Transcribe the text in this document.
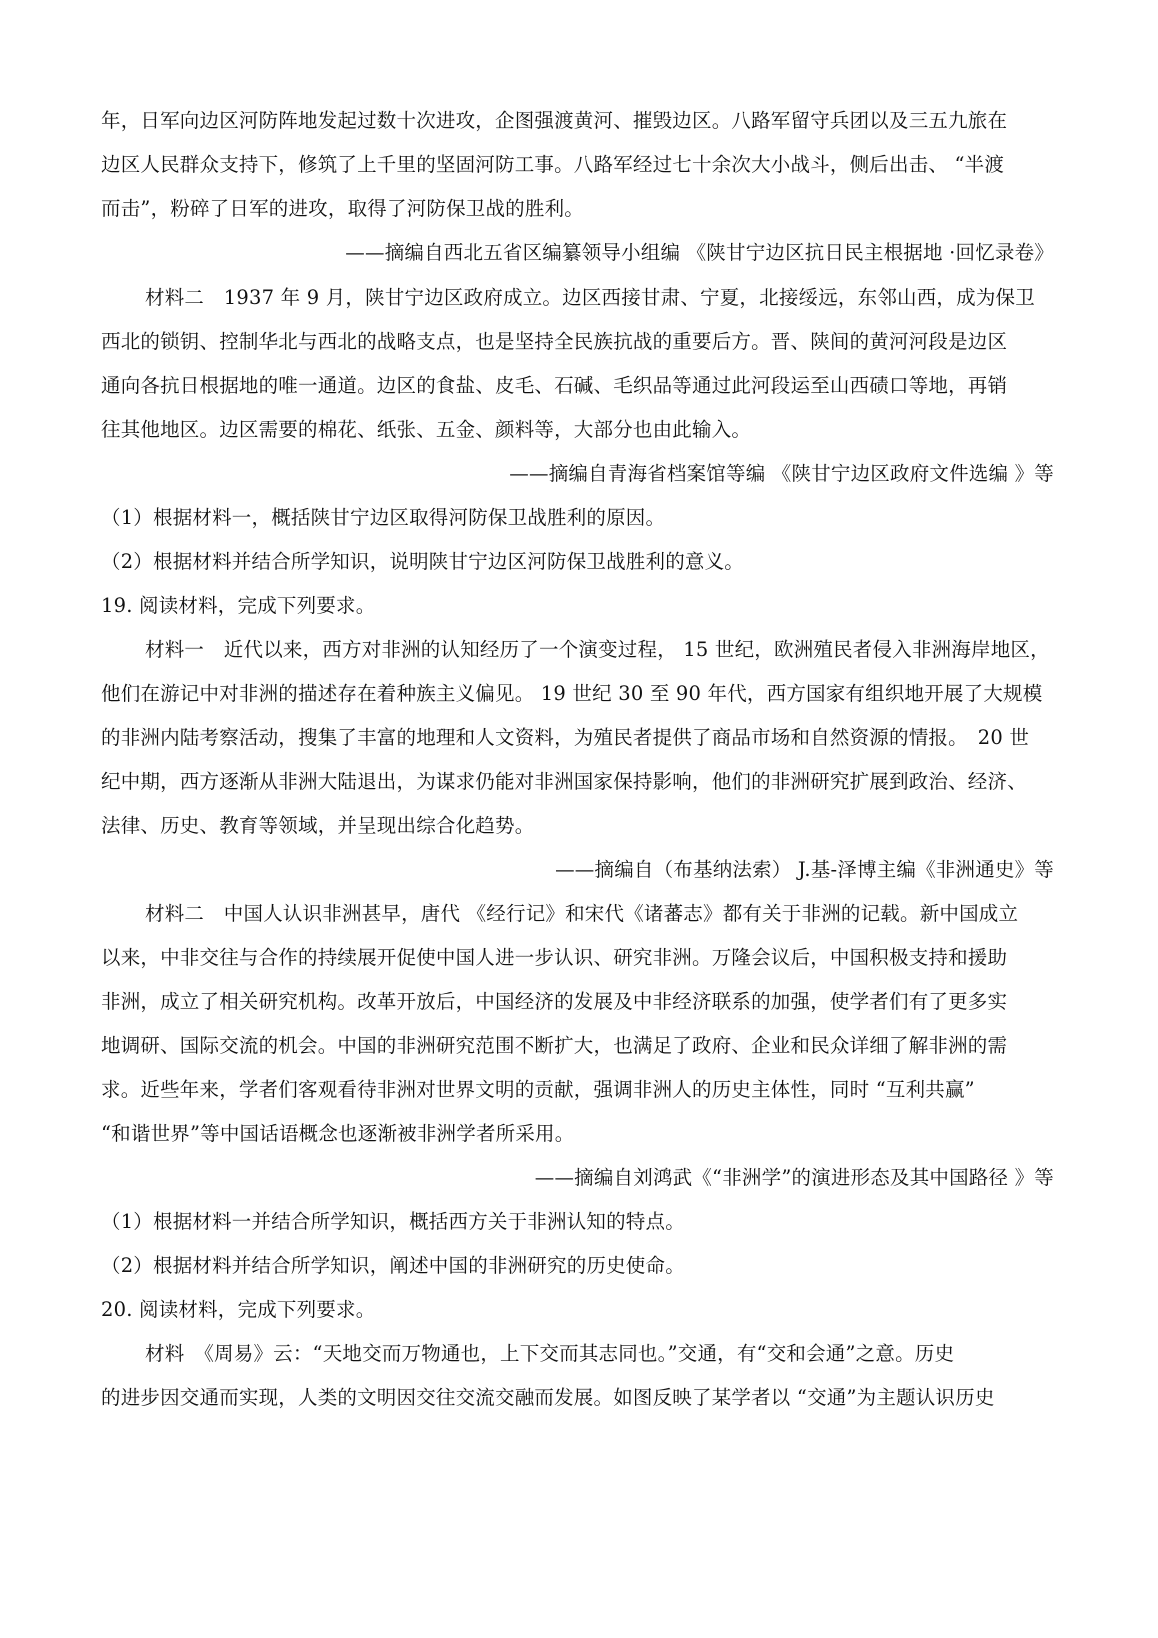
年，日军向边区河防阵地发起过数十次进攻，企图强渡黄河、摧毁边区。八路军留守兵团以及三五九旅在
边区人民群众支持下，修筑了上千里的坚固河防工事。八路军经过七十余次大小战斗，侧后出击、 “半渡
而击”，粉碎了日军的进攻，取得了河防保卫战的胜利。
——摘编自西北五省区编纂领导小组编 《陕甘宁边区抗日民主根据地 ·回忆录卷》
材料二　1937 年 9 月，陕甘宁边区政府成立。边区西接甘肃、宁夏，北接绥远，东邻山西，成为保卫
西北的锁钥、控制华北与西北的战略支点，也是坚持全民族抗战的重要后方。晋、陕间的黄河河段是边区
通向各抗日根据地的唯一通道。边区的食盐、皮毛、石碱、毛织品等通过此河段运至山西碛口等地，再销
往其他地区。边区需要的棉花、纸张、五金、颜料等，大部分也由此输入。
——摘编自青海省档案馆等编 《陕甘宁边区政府文件选编 》等
（1）根据材料一，概括陕甘宁边区取得河防保卫战胜利的原因。
（2）根据材料并结合所学知识，说明陕甘宁边区河防保卫战胜利的意义。
19. 阅读材料，完成下列要求。
材料一　近代以来，西方对非洲的认知经历了一个演变过程， 15 世纪，欧洲殖民者侵入非洲海岸地区，
他们在游记中对非洲的描述存在着种族主义偏见。 19 世纪 30 至 90 年代，西方国家有组织地开展了大规模
的非洲内陆考察活动，搜集了丰富的地理和人文资料，为殖民者提供了商品市场和自然资源的情报。　20 世
纪中期，西方逐渐从非洲大陆退出，为谋求仍能对非洲国家保持影响，他们的非洲研究扩展到政治、经济、
法律、历史、教育等领域，并呈现出综合化趋势。
——摘编自（布基纳法索） J.基-泽博主编《非洲通史》等
材料二　中国人认识非洲甚早，唐代 《经行记》和宋代《诸蕃志》都有关于非洲的记载。新中国成立
以来，中非交往与合作的持续展开促使中国人进一步认识、研究非洲。万隆会议后，中国积极支持和援助
非洲，成立了相关研究机构。改革开放后，中国经济的发展及中非经济联系的加强，使学者们有了更多实
地调研、国际交流的机会。中国的非洲研究范围不断扩大，也满足了政府、企业和民众详细了解非洲的需
求。近些年来，学者们客观看待非洲对世界文明的贡献，强调非洲人的历史主体性，同时 “互利共赢”
“和谐世界”等中国话语概念也逐渐被非洲学者所采用。
——摘编自刘鸿武《“非洲学”的演进形态及其中国路径 》等
（1）根据材料一并结合所学知识，概括西方关于非洲认知的特点。
（2）根据材料并结合所学知识，阐述中国的非洲研究的历史使命。
20. 阅读材料，完成下列要求。
材料　《周易》云：“天地交而万物通也，上下交而其志同也。”交通，有“交和会通”之意。历史
的进步因交通而实现，人类的文明因交往交流交融而发展。如图反映了某学者以 “交通”为主题认识历史
